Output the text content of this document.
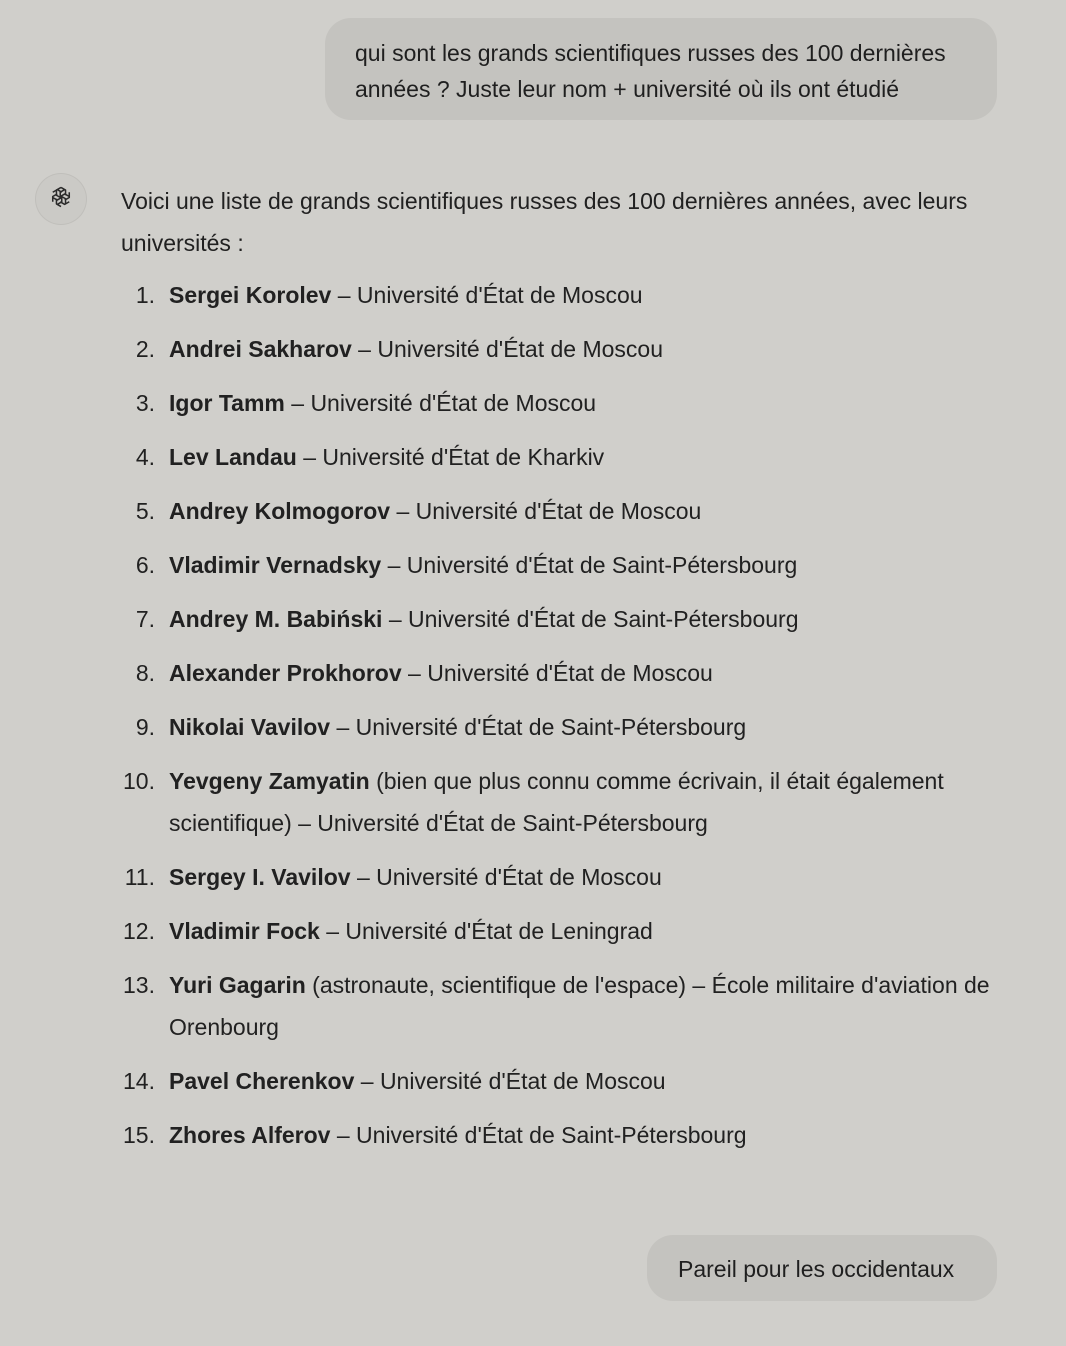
qui sont les grands scientifiques russes des 100 dernières années ? Juste leur nom + université où ils ont étudié

Voici une liste de grands scientifiques russes des 100 dernières années, avec leurs universités :

1. Sergei Korolev – Université d'État de Moscou
2. Andrei Sakharov – Université d'État de Moscou
3. Igor Tamm – Université d'État de Moscou
4. Lev Landau – Université d'État de Kharkiv
5. Andrey Kolmogorov – Université d'État de Moscou
6. Vladimir Vernadsky – Université d'État de Saint-Pétersbourg
7. Andrey M. Babiński – Université d'État de Saint-Pétersbourg
8. Alexander Prokhorov – Université d'État de Moscou
9. Nikolai Vavilov – Université d'État de Saint-Pétersbourg
10. Yevgeny Zamyatin (bien que plus connu comme écrivain, il était également scientifique) – Université d'État de Saint-Pétersbourg
11. Sergey I. Vavilov – Université d'État de Moscou
12. Vladimir Fock – Université d'État de Leningrad
13. Yuri Gagarin (astronaute, scientifique de l'espace) – École militaire d'aviation de Orenbourg
14. Pavel Cherenkov – Université d'État de Moscou
15. Zhores Alferov – Université d'État de Saint-Pétersbourg
Pareil pour les occidentaux
